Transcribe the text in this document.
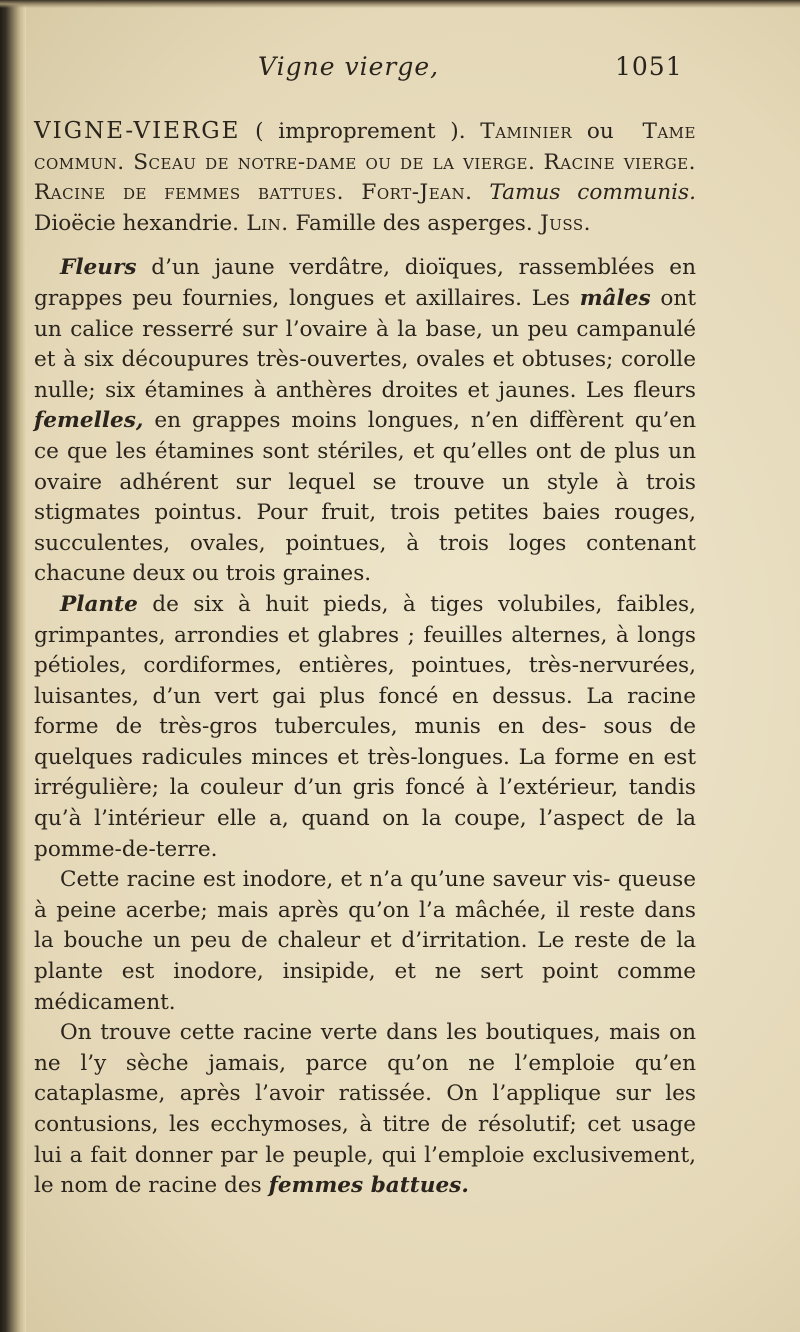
Vigne vierge,	1051

VIGNE-VIERGE ( improprement ). Taminier ou Tame commun. Sceau de notre-dame ou de la vierge. Racine vierge. Racine de femmes battues. Fort-Jean. Tamus communis. Dioëcie hexandrie. Lin. Famille des asperges. Juss.

Fleurs d’un jaune verdâtre, dioïques, rassemblées en grappes peu fournies, longues et axillaires. Les mâles ont un calice resserré sur l’ovaire à la base, un peu campanulé et à six découpures très-ouvertes, ovales et obtuses; corolle nulle; six étamines à anthères droites et jaunes. Les fleurs femelles, en grappes moins longues, n’en diffèrent qu’en ce que les étamines sont stériles, et qu’elles ont de plus un ovaire adhérent sur lequel se trouve un style à trois stigmates pointus. Pour fruit, trois petites baies rouges, succulentes, ovales, pointues, à trois loges contenant chacune deux ou trois graines.

Plante de six à huit pieds, à tiges volubiles, faibles, grimpantes, arrondies et glabres ; feuilles alternes, à longs pétioles, cordiformes, entières, pointues, très-nervurées, luisantes, d’un vert gai plus foncé en dessus. La racine forme de très-gros tubercules, munis en des- sous de quelques radicules minces et très-longues. La forme en est irrégulière; la couleur d’un gris foncé à l’extérieur, tandis qu’à l’intérieur elle a, quand on la coupe, l’aspect de la pomme-de-terre.

Cette racine est inodore, et n’a qu’une saveur vis- queuse à peine acerbe; mais après qu’on l’a mâchée, il reste dans la bouche un peu de chaleur et d’irritation. Le reste de la plante est inodore, insipide, et ne sert point comme médicament.

On trouve cette racine verte dans les boutiques, mais on ne l’y sèche jamais, parce qu’on ne l’emploie qu’en cataplasme, après l’avoir ratissée. On l’applique sur les contusions, les ecchymoses, à titre de résolutif; cet usage lui a fait donner par le peuple, qui l’emploie exclusivement, le nom de racine des femmes battues.
